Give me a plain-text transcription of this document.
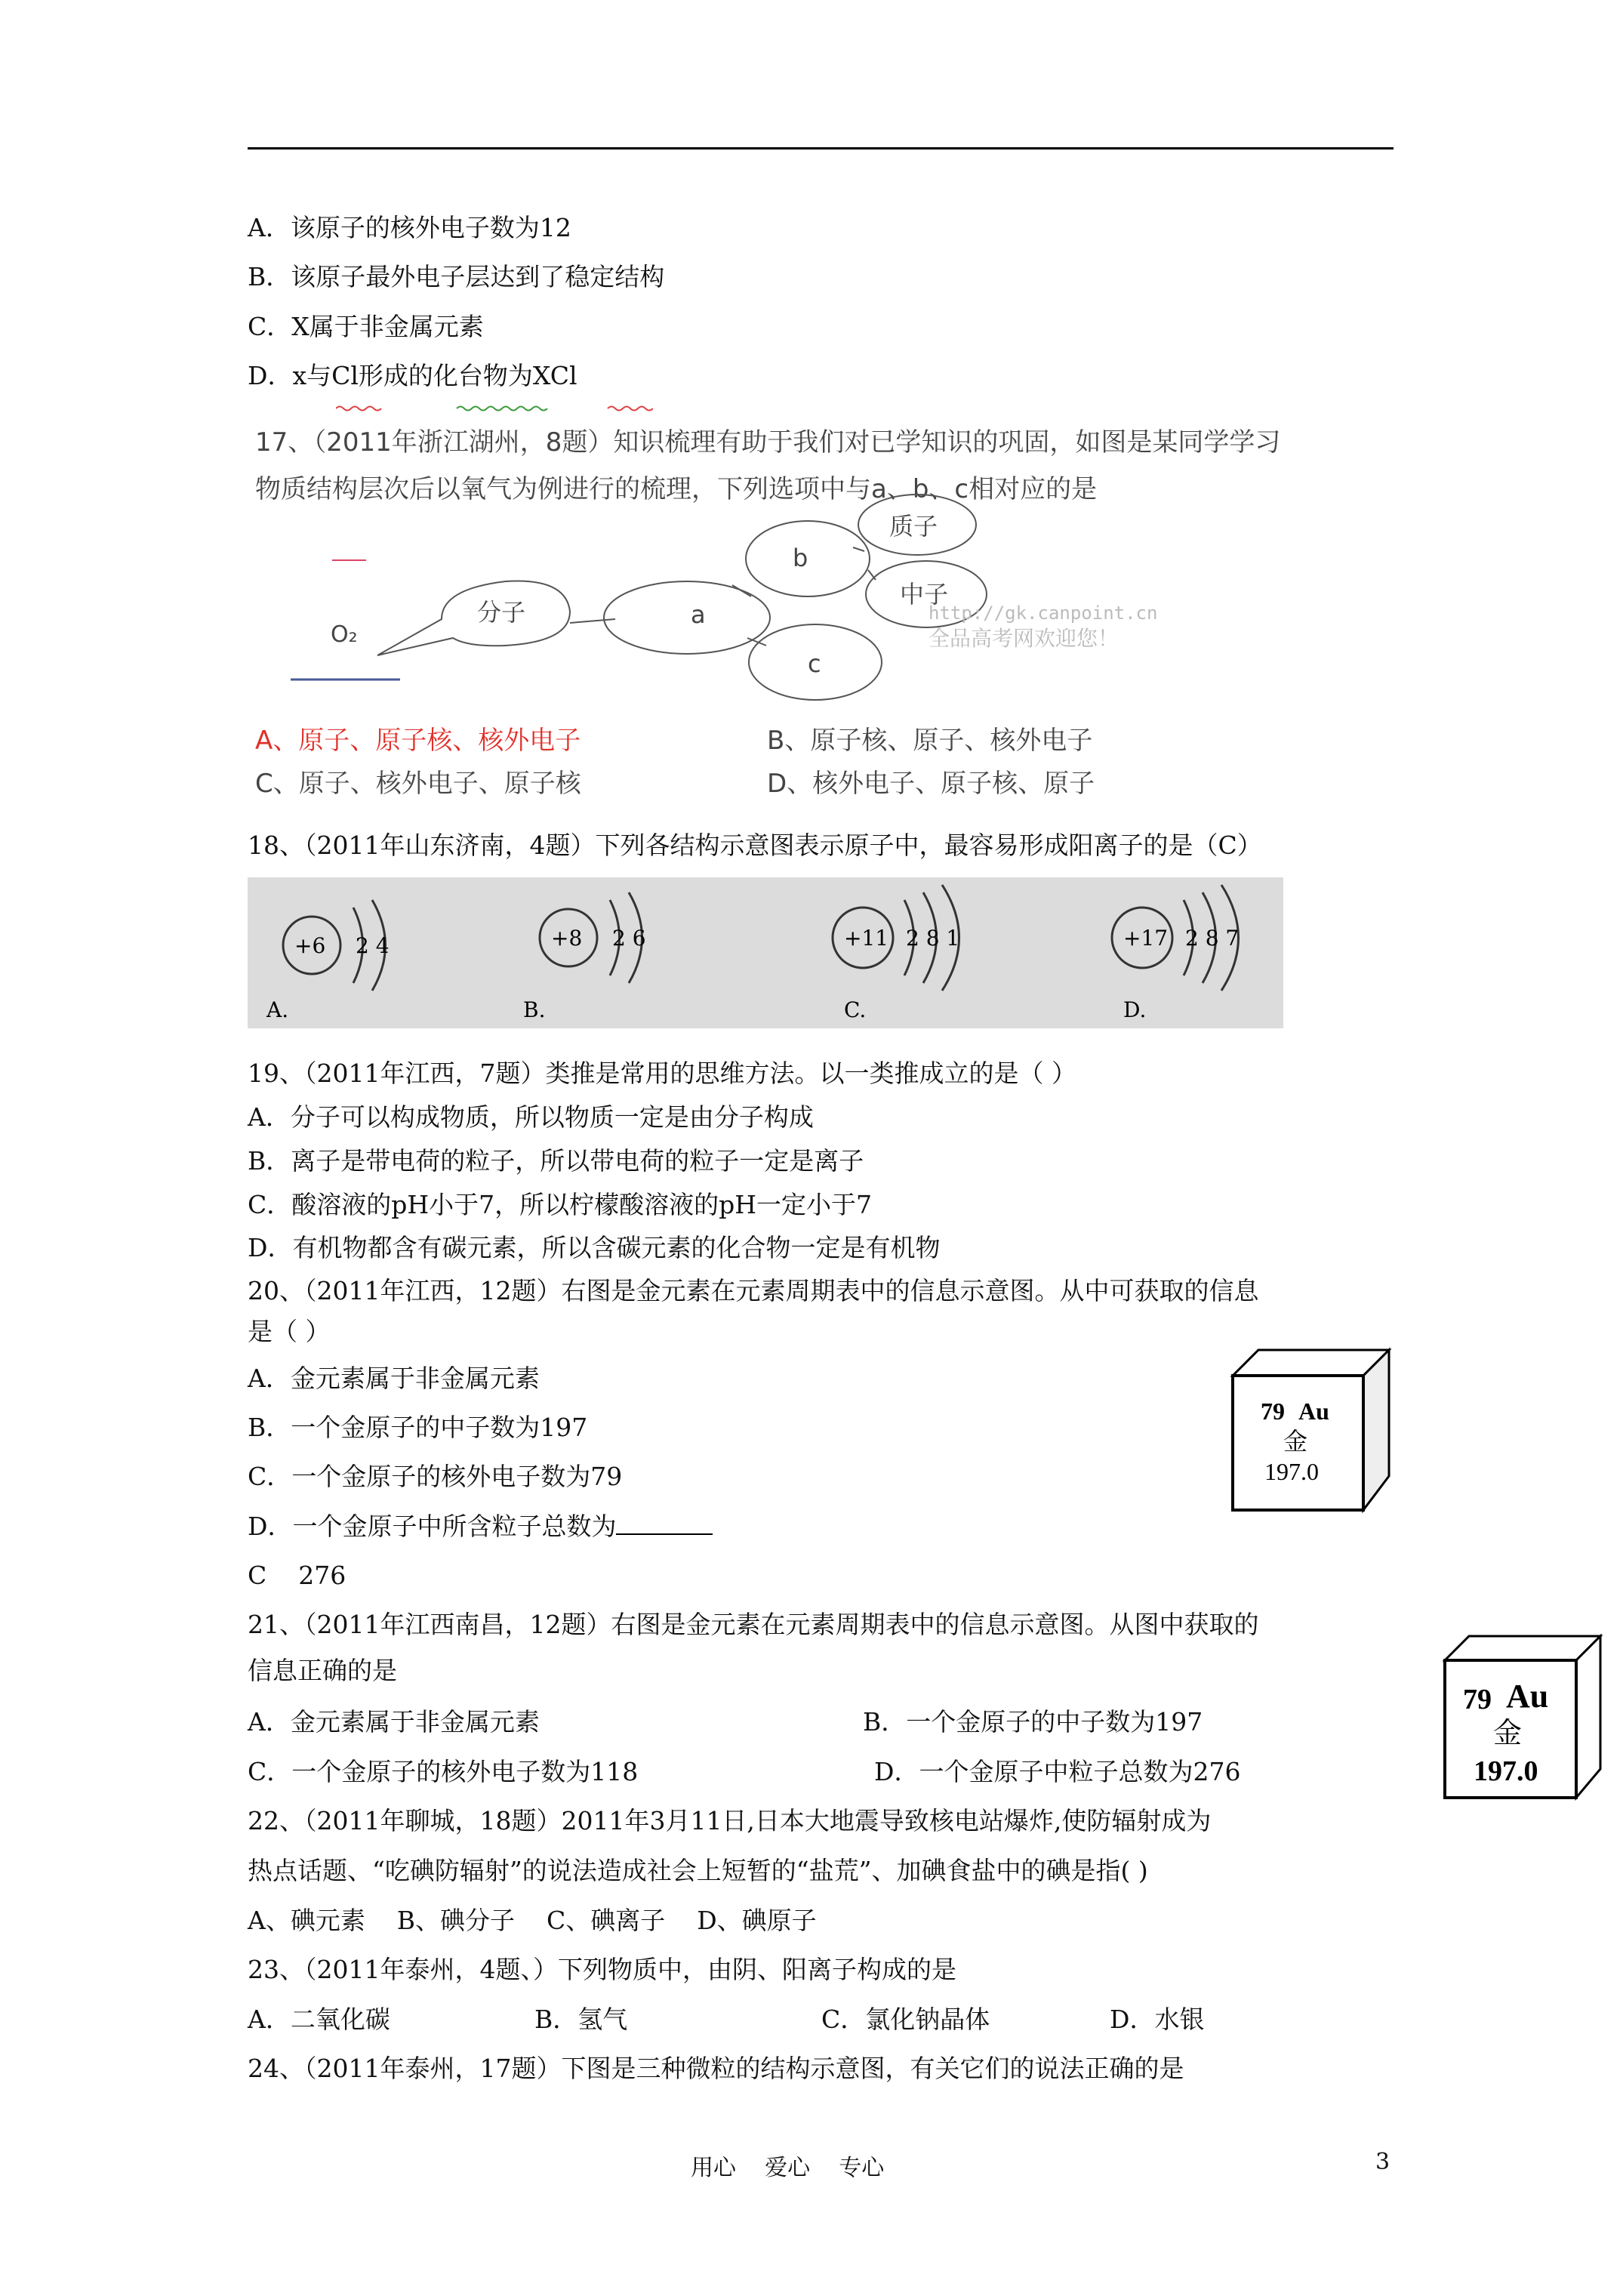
A．该原子的核外电子数为12
B．该原子最外电子层达到了稳定结构
C．X属于非金属元素
D．x与Cl形成的化台物为XCl
17、（2011年浙江湖州，8题）知识梳理有助于我们对已学知识的巩固，如图是某同学学习
物质结构层次后以氧气为例进行的梳理，下列选项中与a、b、c相对应的是
O₂
分子	a
b
c
质子
中子
http://gk.canpoint.cn
全品高考网欢迎您！
A、原子、原子核、核外电子	B、原子核、原子、核外电子
C、原子、核外电子、原子核	D、核外电子、原子核、原子
18、（2011年山东济南，4题）下列各结构示意图表示原子中，最容易形成阳离子的是（C）
+6 2 4
A.
+8 2 6
B.
+11 2 8 1
C.
+17 2 8 7
D.
19、（2011年江西，7题）类推是常用的思维方法。以一类推成立的是（ ）
A．分子可以构成物质，所以物质一定是由分子构成
B．离子是带电荷的粒子，所以带电荷的粒子一定是离子
C．酸溶液的pH小于7，所以柠檬酸溶液的pH一定小于7
D．有机物都含有碳元素，所以含碳元素的化合物一定是有机物
20、（2011年江西，12题）右图是金元素在元素周期表中的信息示意图。从中可获取的信息
是（ ）
A．金元素属于非金属元素
B．一个金原子的中子数为197
C．一个金原子的核外电子数为79
D．一个金原子中所含粒子总数为
C    276
79 Au
金
197.0
21、（2011年江西南昌，12题）右图是金元素在元素周期表中的信息示意图。从图中获取的
信息正确的是
A．金元素属于非金属元素	B．一个金原子的中子数为197
C．一个金原子的核外电子数为118	D．一个金原子中粒子总数为276
79 Au
金
197.0
22、（2011年聊城，18题）2011年3月11日,日本大地震导致核电站爆炸,使防辐射成为
热点话题、“吃碘防辐射”的说法造成社会上短暂的“盐荒”、加碘食盐中的碘是指( )
A、碘元素    B、碘分子    C、碘离子    D、碘原子
23、（2011年泰州，4题、）下列物质中，由阴、阳离子构成的是
A．二氧化碳	B．氢气	C．氯化钠晶体	D．水银
24、（2011年泰州，17题）下图是三种微粒的结构示意图，有关它们的说法正确的是
用心    爱心    专心	3
